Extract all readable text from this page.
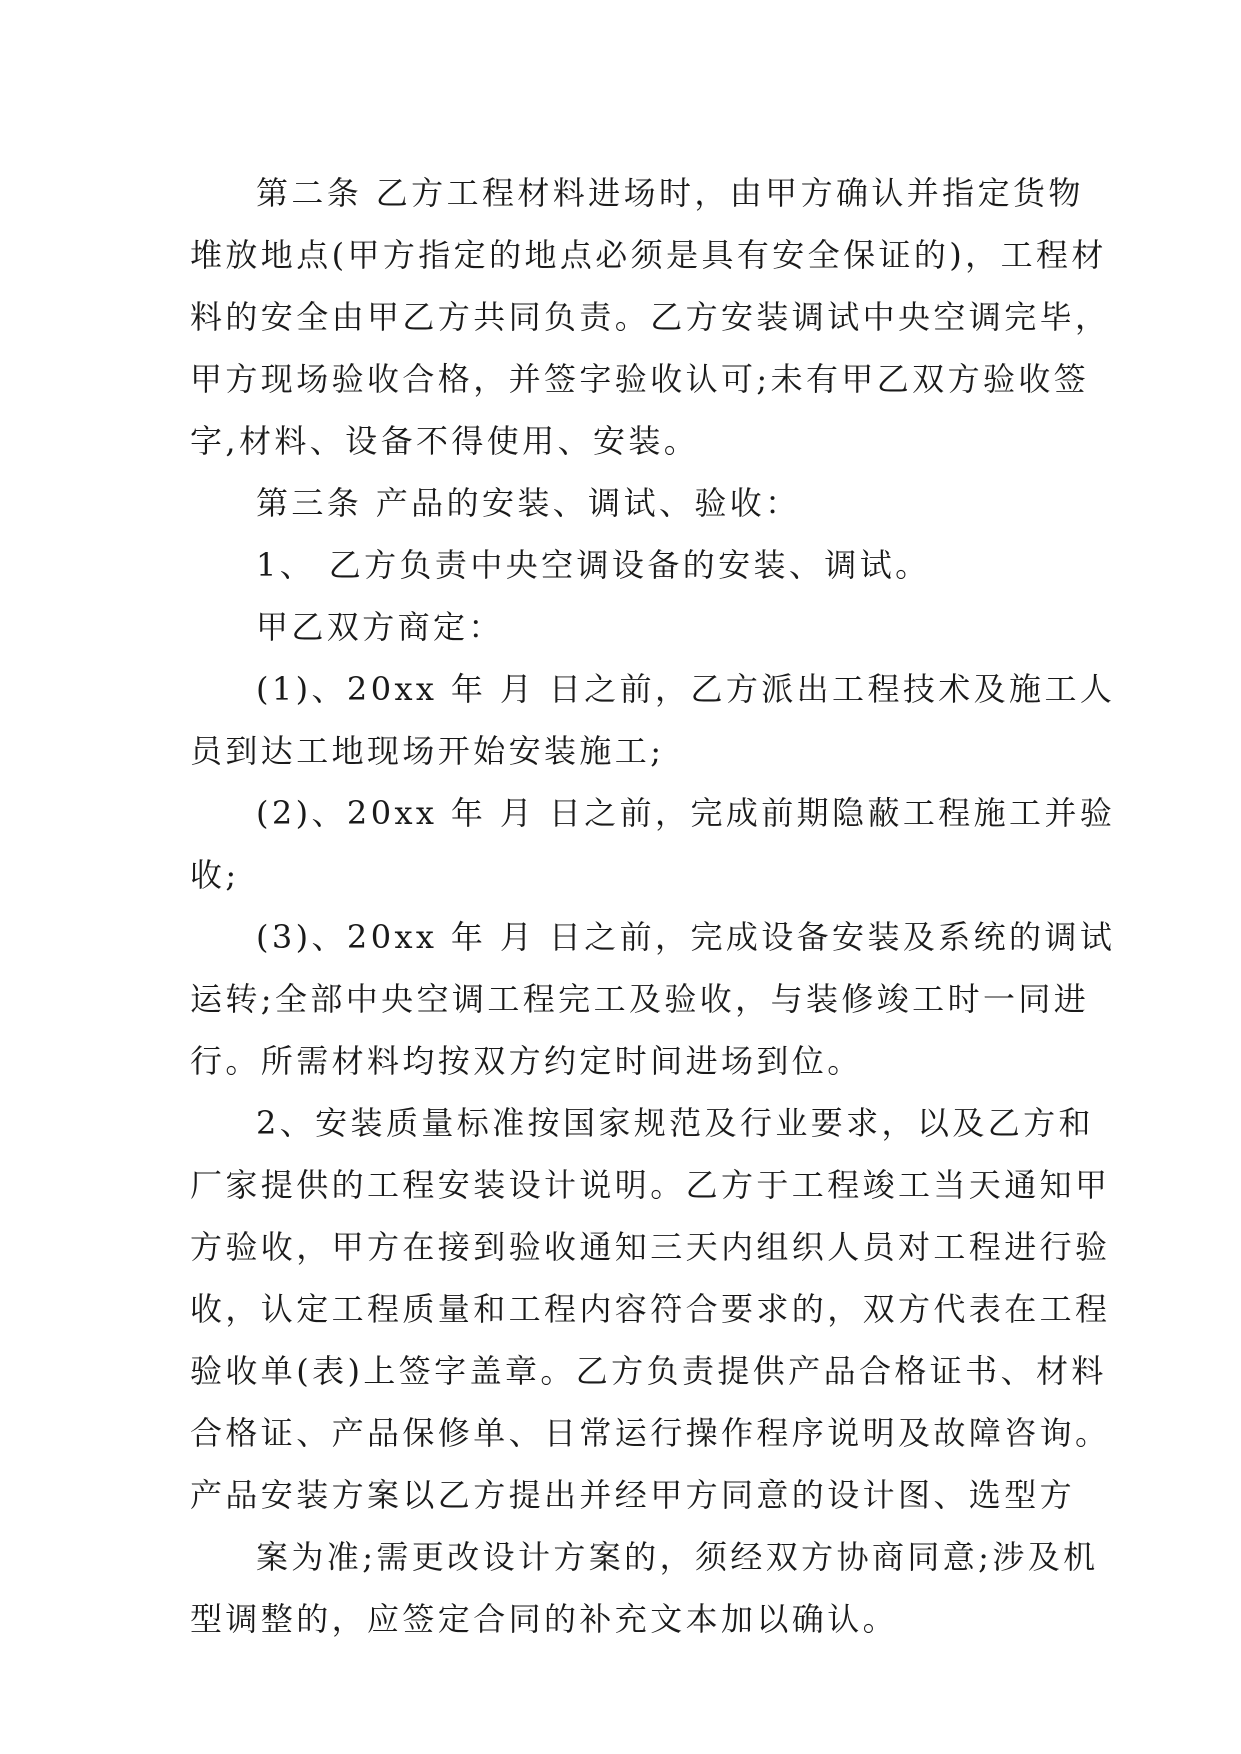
第二条 乙方工程材料进场时，由甲方确认并指定货物
堆放地点(甲方指定的地点必须是具有安全保证的)，工程材
料的安全由甲乙方共同负责。乙方安装调试中央空调完毕，
甲方现场验收合格，并签字验收认可;未有甲乙双方验收签
字,材料、设备不得使用、安装。
第三条 产品的安装、调试、验收：
1、 乙方负责中央空调设备的安装、调试。
甲乙双方商定：
(1)、20xx 年 月 日之前，乙方派出工程技术及施工人
员到达工地现场开始安装施工;
(2)、20xx 年 月 日之前，完成前期隐蔽工程施工并验
收;
(3)、20xx 年 月 日之前，完成设备安装及系统的调试
运转;全部中央空调工程完工及验收，与装修竣工时一同进
行。所需材料均按双方约定时间进场到位。
2、安装质量标准按国家规范及行业要求，以及乙方和
厂家提供的工程安装设计说明。乙方于工程竣工当天通知甲
方验收，甲方在接到验收通知三天内组织人员对工程进行验
收，认定工程质量和工程内容符合要求的，双方代表在工程
验收单(表)上签字盖章。乙方负责提供产品合格证书、材料
合格证、产品保修单、日常运行操作程序说明及故障咨询。
产品安装方案以乙方提出并经甲方同意的设计图、选型方
案为准;需更改设计方案的，须经双方协商同意;涉及机
型调整的，应签定合同的补充文本加以确认。
